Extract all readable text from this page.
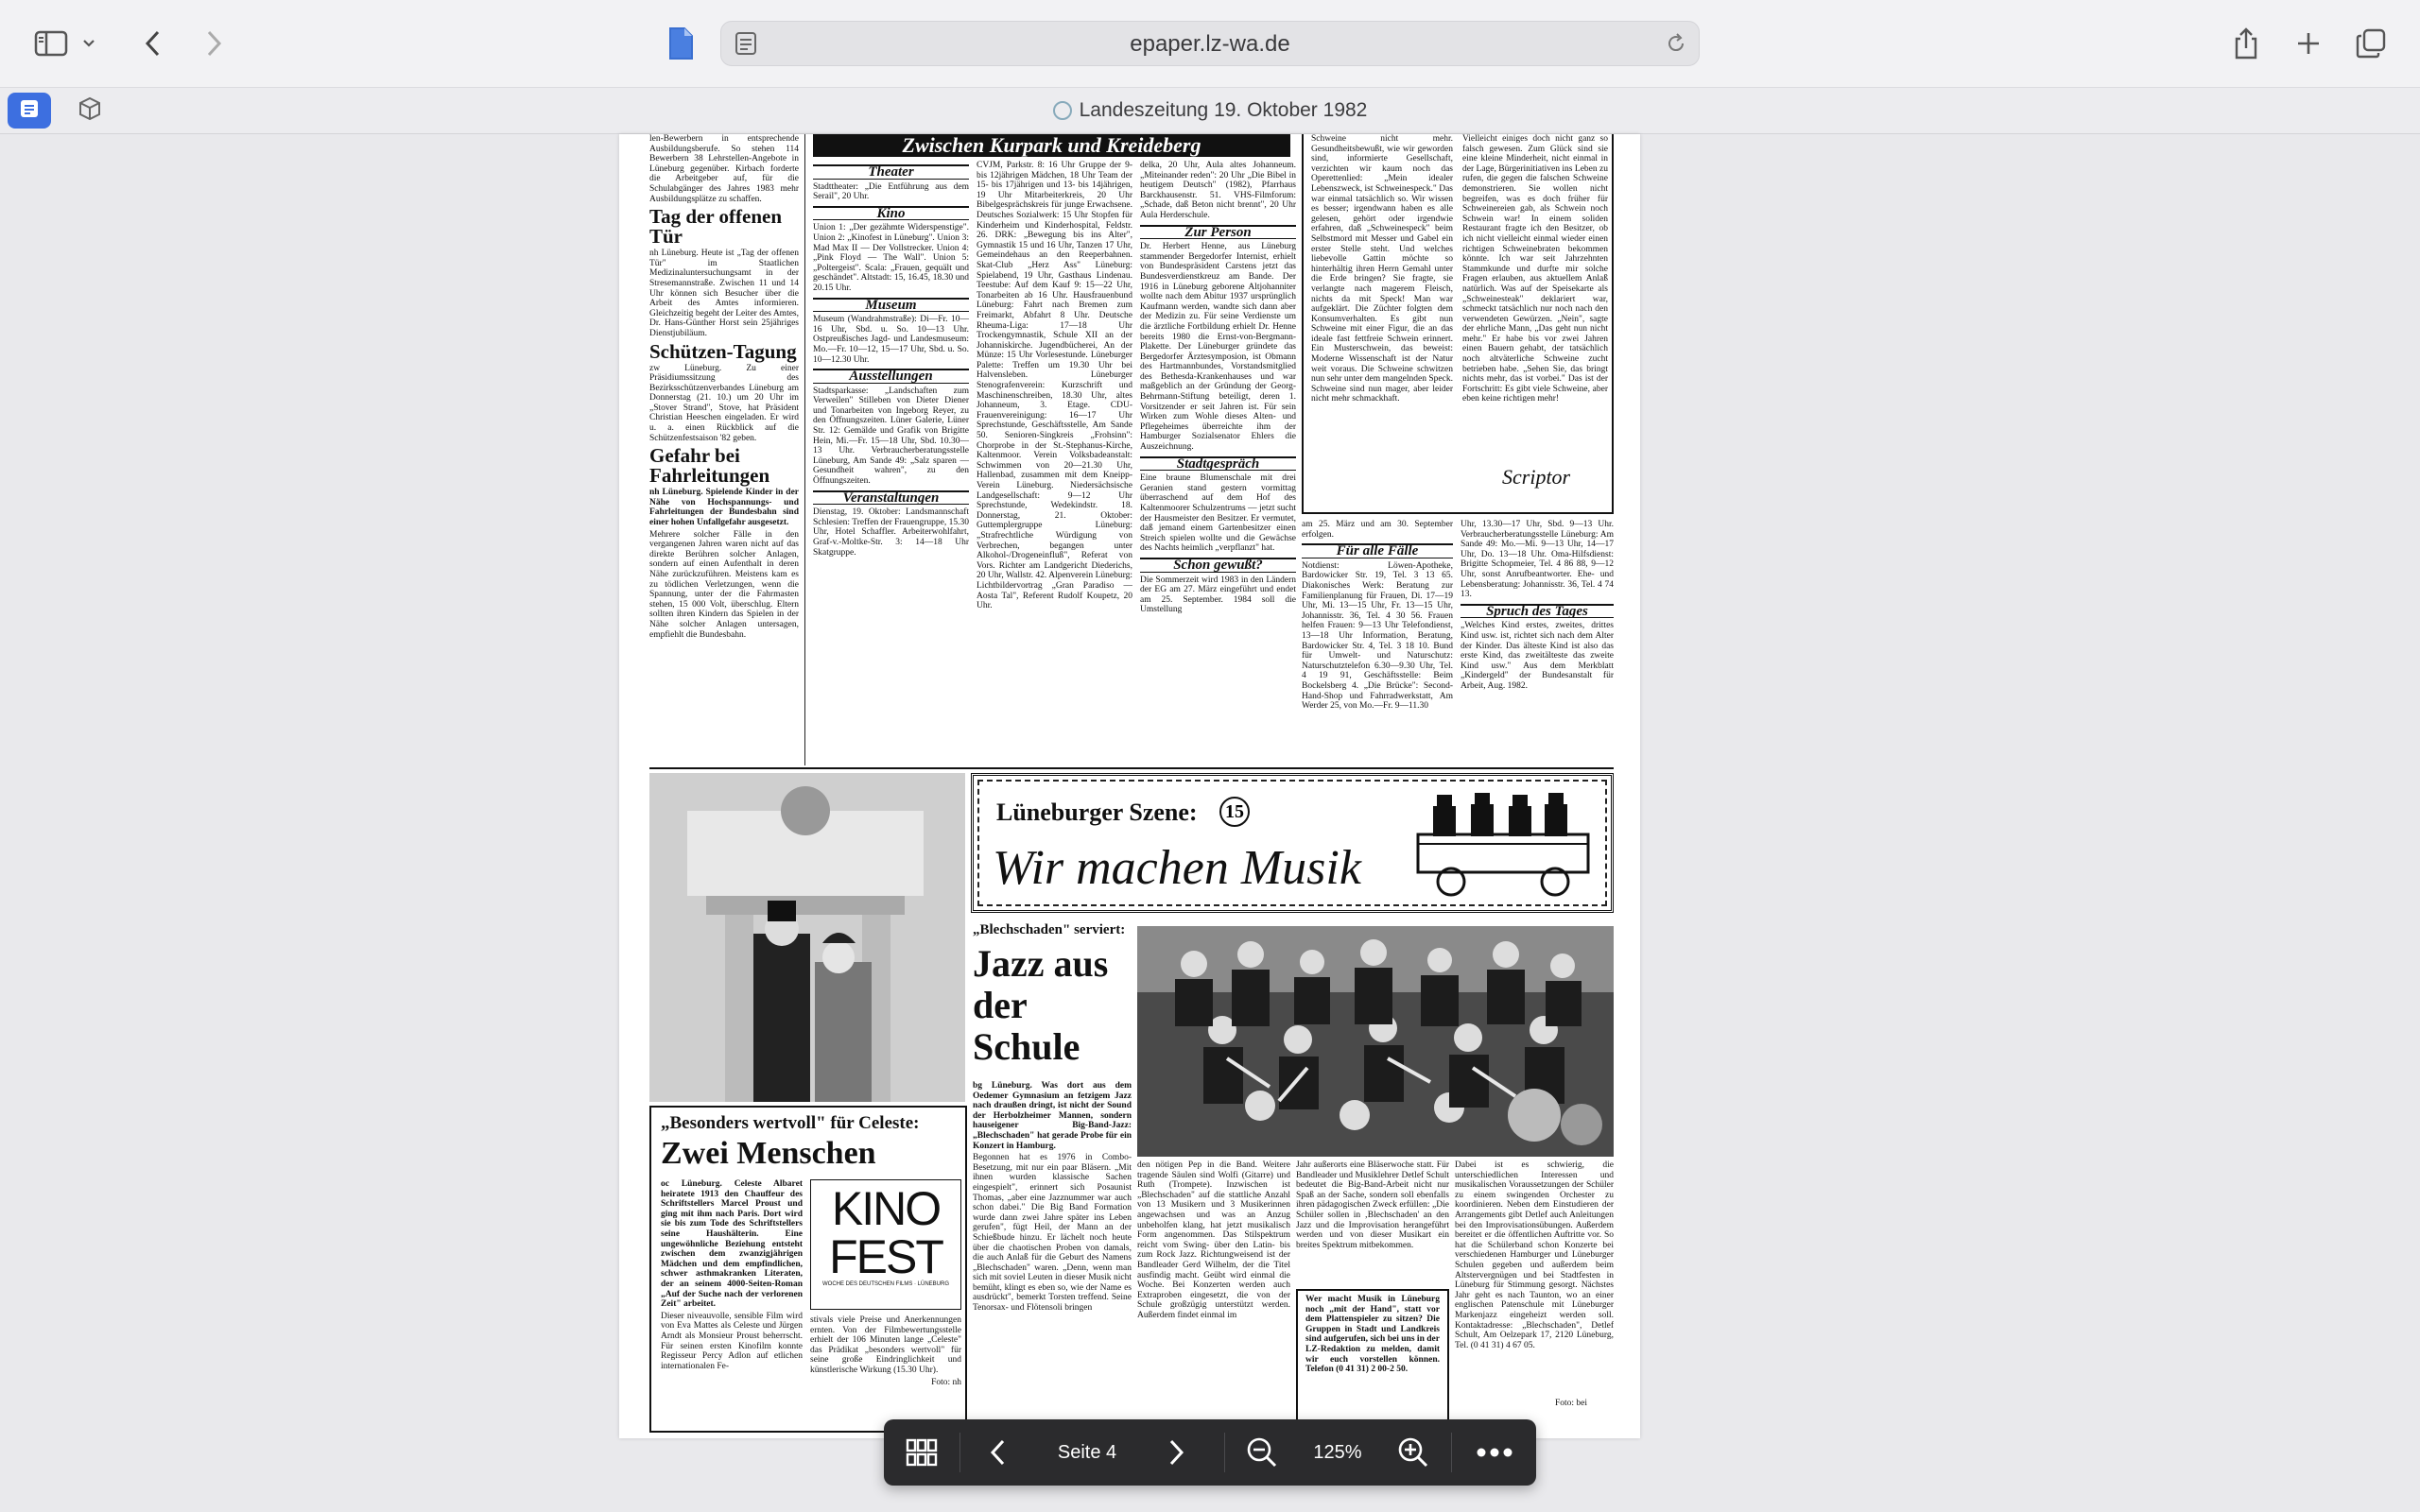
epaper.lz-wa.de
Landeszeitung 19. Oktober 1982

len-Bewerbern in entsprechende Ausbildungsberufe. So stehen 114 Bewerbern 38 Lehrstellen-Angebote in Lüneburg gegenüber. Kirbach forderte die Arbeitgeber auf, für die Schulabgänger des Jahres 1983 mehr Ausbildungsplätze zu schaffen.

Tag der offenen Tür

nh Lüneburg. Heute ist „Tag der offenen Tür" im Staatlichen Medizinaluntersuchungsamt in der Stresemannstraße. Zwischen 11 und 14 Uhr können sich Besucher über die Arbeit des Amtes informieren. Gleichzeitig begeht der Leiter des Amtes, Dr. Hans-Günther Horst sein 25jähriges Dienstjubiläum.

Schützen-Tagung

zw Lüneburg. Zu einer Präsidiumssitzung des Bezirksschützenverbandes Lüneburg am Donnerstag (21. 10.) um 20 Uhr im „Stover Strand", Stove, hat Präsident Christian Heeschen eingeladen. Er wird u. a. einen Rückblick auf die Schützenfestsaison '82 geben.

Gefahr bei Fahrleitungen

nh Lüneburg. Spielende Kinder in der Nähe von Hochspannungs- und Fahrleitungen der Bundesbahn sind einer hohen Unfallgefahr ausgesetzt.

Mehrere solcher Fälle in den vergangenen Jahren waren nicht auf das direkte Berühren solcher Anlagen, sondern auf einen Aufenthalt in deren Nähe zurückzuführen. Meistens kam es zu tödlichen Verletzungen, wenn die Spannung, unter der die Fahrmasten stehen, 15 000 Volt, überschlug. Eltern sollten ihren Kindern das Spielen in der Nähe solcher Anlagen untersagen, empfiehlt die Bundesbahn.

Zwischen Kurpark und Kreideberg
Theater

Stadttheater: „Die Entführung aus dem Serail", 20 Uhr.

Kino

Union 1: „Der gezähmte Widerspenstige". Union 2: „Kinofest in Lüneburg". Union 3: Mad Max II — Der Vollstrecker. Union 4: „Pink Floyd — The Wall". Union 5: „Poltergeist". Scala: „Frauen, gequält und geschändet". Altstadt: 15, 16.45, 18.30 und 20.15 Uhr.

Museum

Museum (Wandrahmstraße): Di—Fr. 10—16 Uhr, Sbd. u. So. 10—13 Uhr. Ostpreußisches Jagd- und Landesmuseum: Mo.—Fr. 10—12, 15—17 Uhr, Sbd. u. So. 10—12.30 Uhr.

Ausstellungen

Stadtsparkasse: „Landschaften zum Verweilen" Stilleben von Dieter Diener und Tonarbeiten von Ingeborg Reyer, zu den Öffnungszeiten. Lüner Galerie, Lüner Str. 12: Gemälde und Grafik von Brigitte Hein, Mi.—Fr. 15—18 Uhr, Sbd. 10.30—13 Uhr. Verbraucherberatungsstelle Lüneburg, Am Sande 49: „Salz sparen — Gesundheit wahren", zu den Öffnungszeiten.

Veranstaltungen

Dienstag, 19. Oktober: Landsmannschaft Schlesien: Treffen der Frauengruppe, 15.30 Uhr, Hotel Schaffler. Arbeiterwohlfahrt, Graf-v.-Moltke-Str. 3: 14—18 Uhr Skatgruppe.

CVJM, Parkstr. 8: 16 Uhr Gruppe der 9- bis 12jährigen Mädchen, 18 Uhr Team der 15- bis 17jährigen und 13- bis 14jährigen, 19 Uhr Mitarbeiterkreis, 20 Uhr Bibelgesprächskreis für junge Erwachsene. Deutsches Sozialwerk: 15 Uhr Stopfen für Kinderheim und Kinderhospital, Feldstr. 26. DRK: „Bewegung bis ins Alter", Gymnastik 15 und 16 Uhr, Tanzen 17 Uhr, Gemeindehaus an den Reeperbahnen. Skat-Club „Herz Ass" Lüneburg: Spielabend, 19 Uhr, Gasthaus Lindenau. Teestube: Auf dem Kauf 9: 15—22 Uhr, Tonarbeiten ab 16 Uhr. Hausfrauenbund Lüneburg: Fahrt nach Bremen zum Freimarkt, Abfahrt 8 Uhr. Deutsche Rheuma-Liga: 17—18 Uhr Trockengymnastik, Schule XII an der Johanniskirche. Jugendbücherei, An der Münze: 15 Uhr Vorlesestunde. Lüneburger Palette: Treffen um 19.30 Uhr bei Halvensleben. Lüneburger Stenografenverein: Kurzschrift und Maschinenschreiben, 18.30 Uhr, altes Johanneum, 3. Etage. CDU-Frauenvereinigung: 16—17 Uhr Sprechstunde, Geschäftsstelle, Am Sande 50. Senioren-Singkreis „Frohsinn": Chorprobe in der St.-Stephanus-Kirche, Kaltenmoor. Verein Volksbadeanstalt: Schwimmen von 20—21.30 Uhr, Hallenbad, zusammen mit dem Kneipp-Verein Lüneburg. Niedersächsische Landgesellschaft: 9—12 Uhr Sprechstunde, Wedekindstr. 18. Donnerstag, 21. Oktober: Guttemplergruppe Lüneburg: „Strafrechtliche Würdigung von Verbrechen, begangen unter Alkohol-/Drogeneinfluß", Referat von Vors. Richter am Landgericht Diederichs, 20 Uhr, Wallstr. 42. Alpenverein Lüneburg: Lichtbildervortrag „Gran Paradiso — Aosta Tal", Referent Rudolf Koupetz, 20 Uhr.

delka, 20 Uhr, Aula altes Johanneum. „Miteinander reden": 20 Uhr „Die Bibel in heutigem Deutsch" (1982), Pfarrhaus Barckhausenstr. 51. VHS-Filmforum: „Schade, daß Beton nicht brennt", 20 Uhr Aula Herderschule.

Zur Person

Dr. Herbert Henne, aus Lüneburg stammender Bergedorfer Internist, erhielt von Bundespräsident Carstens jetzt das Bundesverdienstkreuz am Bande. Der 1916 in Lüneburg geborene Altjohanniter wollte nach dem Abitur 1937 ursprünglich Kaufmann werden, wandte sich dann aber der Medizin zu. Für seine Verdienste um die ärztliche Fortbildung erhielt Dr. Henne bereits 1980 die Ernst-von-Bergmann-Plakette. Der Lüneburger gründete das Bergedorfer Ärztesymposion, ist Obmann des Hartmannbundes, Vorstandsmitglied des Bethesda-Krankenhauses und war maßgeblich an der Gründung der Georg-Behrmann-Stiftung beteiligt, deren 1. Vorsitzender er seit Jahren ist. Für sein Wirken zum Wohle dieses Alten- und Pflegeheimes überreichte ihm der Hamburger Sozialsenator Ehlers die Auszeichnung.

Stadtgespräch

Eine braune Blumenschale mit drei Geranien stand gestern vormittag überraschend auf dem Hof des Kaltenmoorer Schulzentrums — jetzt sucht der Hausmeister den Besitzer. Er vermutet, daß jemand einem Gartenbesitzer einen Streich spielen wollte und die Gewächse des Nachts heimlich „verpflanzt" hat.

Schon gewußt?

Die Sommerzeit wird 1983 in den Ländern der EG am 27. März eingeführt und endet am 25. September. 1984 soll die Umstellung

Schweine nicht mehr. Gesundheitsbewußt, wie wir geworden sind, informierte Gesellschaft, verzichten wir kaum noch das Operettenlied: „Mein idealer Lebenszweck, ist Schweinespeck." Das war einmal tatsächlich so. Wir wissen es besser; irgendwann haben es alle gelesen, gehört oder irgendwie erfahren, daß „Schweinespeck" beim Selbstmord mit Messer und Gabel ein erster Stelle steht. Und welches liebevolle Gattin möchte so hinterhältig ihren Herrn Gemahl unter die Erde bringen? Sie fragte, sie verlangte nach magerem Fleisch, nichts da mit Speck! Man war aufgeklärt. Die Züchter folgten dem Konsumverhalten. Es gibt nun Schweine mit einer Figur, die an das ideale fast fettfreie Schwein erinnert. Ein Musterschwein, das beweist: Moderne Wissenschaft ist der Natur weit voraus. Die Schweine schwitzen nun sehr unter dem mangelnden Speck. Schweine sind nun mager, aber leider nicht mehr schmackhaft.

Vielleicht einiges doch nicht ganz so falsch gewesen. Zum Glück sind sie eine kleine Minderheit, nicht einmal in der Lage, Bürgerinitiativen ins Leben zu rufen, die gegen die falschen Schweine demonstrieren. Sie wollen nicht begreifen, was es doch früher für Schweinereien gab, als Schwein noch Schwein war! In einem soliden Restaurant fragte ich den Besitzer, ob ich nicht vielleicht einmal wieder einen richtigen Schweinebraten bekommen könnte. Ich war seit Jahrzehnten Stammkunde und durfte mir solche Fragen erlauben, aus aktuellem Anlaß natürlich. Was auf der Speisekarte als „Schweinesteak" deklariert war, schmeckt tatsächlich nur noch nach den verwendeten Gewürzen. „Nein", sagte der ehrliche Mann, „Das geht nun nicht mehr." Er habe bis vor zwei Jahren einen Bauern gehabt, der tatsächlich noch altväterliche Schweine zucht betrieben habe. „Sehen Sie, das bringt nichts mehr, das ist vorbei." Das ist der Fortschritt: Es gibt viele Schweine, aber eben keine richtigen mehr!

Scriptor

am 25. März und am 30. September erfolgen.

Für alle Fälle

Notdienst: Löwen-Apotheke, Bardowicker Str. 19, Tel. 3 13 65. Diakonisches Werk: Beratung zur Familienplanung für Frauen, Di. 17—19 Uhr, Mi. 13—15 Uhr, Fr. 13—15 Uhr, Johannisstr. 36, Tel. 4 30 56. Frauen helfen Frauen: 9—13 Uhr Telefondienst, 13—18 Uhr Information, Beratung, Bardowicker Str. 4, Tel. 3 18 10. Bund für Umwelt- und Naturschutz: Naturschutztelefon 6.30—9.30 Uhr, Tel. 4 19 91, Geschäftsstelle: Beim Bockelsberg 4. „Die Brücke": Second-Hand-Shop und Fahrradwerkstatt, Am Werder 25, von Mo.—Fr. 9—11.30

Uhr, 13.30—17 Uhr, Sbd. 9—13 Uhr. Verbraucherberatungsstelle Lüneburg: Am Sande 49: Mo.—Mi. 9—13 Uhr, 14—17 Uhr, Do. 13—18 Uhr. Oma-Hilfsdienst: Brigitte Schopmeier, Tel. 4 86 88, 9—12 Uhr, sonst Anrufbeantworter. Ehe- und Lebensberatung: Johannisstr. 36, Tel. 4 74 13.

Spruch des Tages

„Welches Kind erstes, zweites, drittes Kind usw. ist, richtet sich nach dem Alter der Kinder. Das älteste Kind ist also das erste Kind, das zweitälteste das zweite Kind usw." Aus dem Merkblatt „Kindergeld" der Bundesanstalt für Arbeit, Aug. 1982.

Lüneburger Szene:	15
Wir machen Musik
„Blechschaden" serviert:
Jazz aus der Schule

bg Lüneburg. Was dort aus dem Oedemer Gymnasium an fetzigem Jazz nach draußen dringt, ist nicht der Sound der Herbolzheimer Mannen, sondern hauseigener Big-Band-Jazz: „Blechschaden" hat gerade Probe für ein Konzert in Hamburg.

Begonnen hat es 1976 in Combo-Besetzung, mit nur ein paar Bläsern. „Mit ihnen wurden klassische Sachen eingespielt", erinnert sich Posaunist Thomas, „aber eine Jazznummer war auch schon dabei." Die Big Band Formation wurde dann zwei Jahre später ins Leben gerufen", fügt Heil, der Mann an der Schießbude hinzu. Er lächelt noch heute über die chaotischen Proben von damals, die auch Anlaß für die Geburt des Namens „Blechschaden" waren. „Denn, wenn man sich mit soviel Leuten in dieser Musik nicht bemüht, klingt es eben so, wie der Name es ausdrückt", bemerkt Torsten treffend. Seine Tenorsax- und Flötensoli bringen

den nötigen Pep in die Band. Weitere tragende Säulen sind Wolfi (Gitarre) und Ruth (Trompete). Inzwischen ist „Blechschaden" auf die stattliche Anzahl von 13 Musikern und 3 Musikerinnen angewachsen und was an Anzug unbeholfen klang, hat jetzt musikalisch Form angenommen. Das Stilspektrum reicht vom Swing- über den Latin- bis zum Rock Jazz. Richtungweisend ist der Bandleader Gerd Wilhelm, der die Titel ausfindig macht. Geübt wird einmal die Woche. Bei Konzerten werden auch Extraproben eingesetzt, die von der Schule großzügig unterstützt werden. Außerdem findet einmal im

Jahr außerorts eine Bläserwoche statt. Für Bandleader und Musiklehrer Detlef Schult bedeutet die Big-Band-Arbeit nicht nur Spaß an der Sache, sondern soll ebenfalls ihren pädagogischen Zweck erfüllen: „Die Schüler sollen in ‚Blechschaden' an den Jazz und die Improvisation herangeführt werden und von dieser Musikart ein breites Spektrum mitbekommen.

Wer macht Musik in Lüneburg noch „mit der Hand", statt vor dem Plattenspieler zu sitzen? Die Gruppen in Stadt und Landkreis sind aufgerufen, sich bei uns in der LZ-Redaktion zu melden, damit wir euch vorstellen können. Telefon (0 41 31) 2 00-2 50.

Dabei ist es schwierig, die unterschiedlichen Interessen und musikalischen Voraussetzungen der Schüler zu einem swingenden Orchester zu koordinieren. Neben dem Einstudieren der Arrangements gibt Detlef auch Anleitungen bei den Improvisationsübungen. Außerdem bereitet er die öffentlichen Auftritte vor. So hat die Schülerband schon Konzerte bei verschiedenen Hamburger und Lüneburger Schulen gegeben und außerdem beim Altstervergnügen und bei Stadtfesten in Lüneburg für Stimmung gesorgt. Nächstes Jahr geht es nach Taunton, wo an einer englischen Patenschule mit Lüneburger Markenjazz eingeheizt werden soll. Kontaktadresse: „Blechschaden", Detlef Schult, Am Oelzepark 17, 2120 Lüneburg, Tel. (0 41 31) 4 67 05.

Foto: bei
„Besonders wertvoll" für Celeste:
Zwei Menschen

oc Lüneburg. Celeste Albaret heiratete 1913 den Chauffeur des Schriftstellers Marcel Proust und ging mit ihm nach Paris. Dort wird sie bis zum Tode des Schriftstellers seine Haushälterin. Eine ungewöhnliche Beziehung entsteht zwischen dem zwanzigjährigen Mädchen und dem empfindlichen, schwer asthmakranken Literaten, der an seinem 4000-Seiten-Roman „Auf der Suche nach der verlorenen Zeit" arbeitet.

Dieser niveauvolle, sensible Film wird von Eva Mattes als Celeste und Jürgen Arndt als Monsieur Proust beherrscht. Für seinen ersten Kinofilm konnte Regisseur Percy Adlon auf etlichen internationalen Fe-

KINO
FEST
WOCHE DES DEUTSCHEN FILMS · LÜNEBURG

stivals viele Preise und Anerkennungen ernten. Von der Filmbewertungsstelle erhielt der 106 Minuten lange „Celeste" das Prädikat „besonders wertvoll" für seine große Eindringlichkeit und künstlerische Wirkung (15.30 Uhr).

Foto: nh

Seite 4	125%
